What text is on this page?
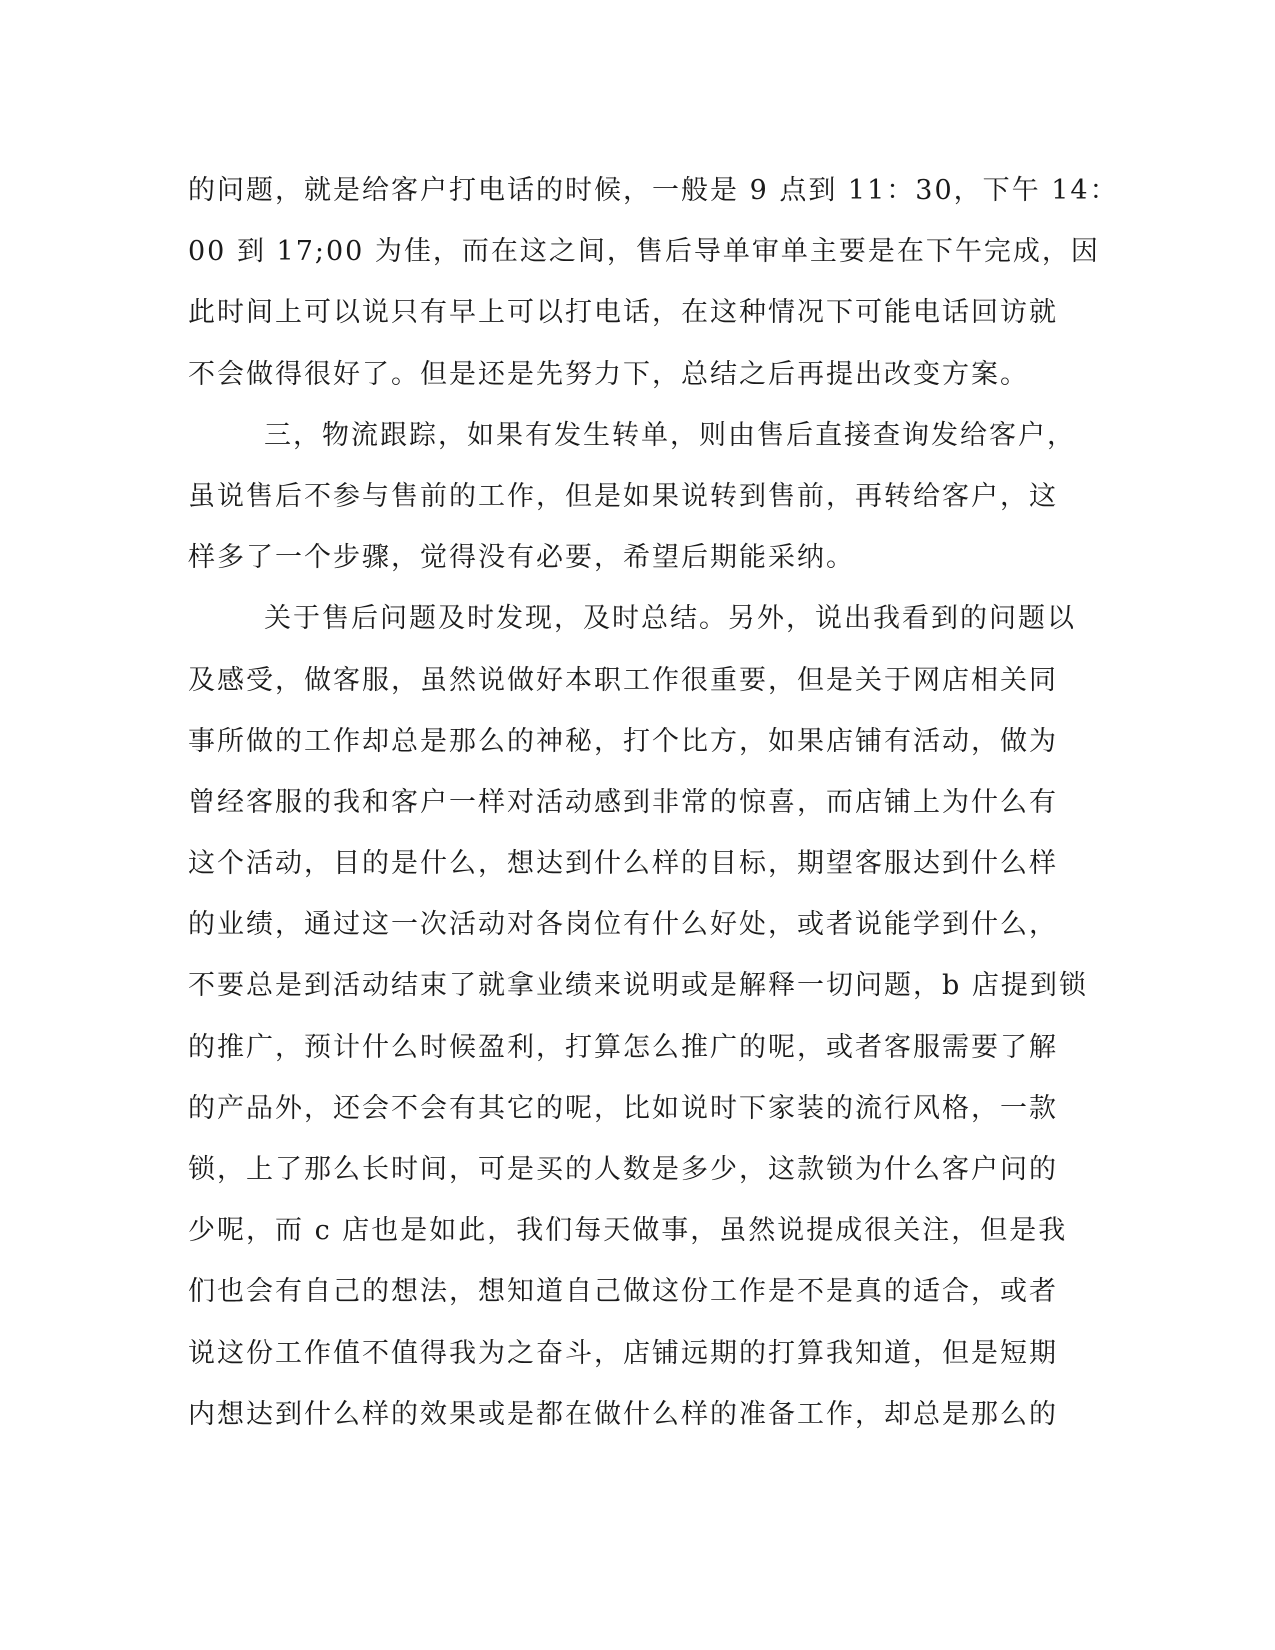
的问题，就是给客户打电话的时候，一般是 9 点到 11：30，下午 14：
00 到 17;00 为佳，而在这之间，售后导单审单主要是在下午完成，因
此时间上可以说只有早上可以打电话，在这种情况下可能电话回访就
不会做得很好了。但是还是先努力下，总结之后再提出改变方案。
三，物流跟踪，如果有发生转单，则由售后直接查询发给客户，
虽说售后不参与售前的工作，但是如果说转到售前，再转给客户，这
样多了一个步骤，觉得没有必要，希望后期能采纳。
关于售后问题及时发现，及时总结。另外，说出我看到的问题以
及感受，做客服，虽然说做好本职工作很重要，但是关于网店相关同
事所做的工作却总是那么的神秘，打个比方，如果店铺有活动，做为
曾经客服的我和客户一样对活动感到非常的惊喜，而店铺上为什么有
这个活动，目的是什么，想达到什么样的目标，期望客服达到什么样
的业绩，通过这一次活动对各岗位有什么好处，或者说能学到什么，
不要总是到活动结束了就拿业绩来说明或是解释一切问题，b 店提到锁
的推广，预计什么时候盈利，打算怎么推广的呢，或者客服需要了解
的产品外，还会不会有其它的呢，比如说时下家装的流行风格，一款
锁，上了那么长时间，可是买的人数是多少，这款锁为什么客户问的
少呢，而 c 店也是如此，我们每天做事，虽然说提成很关注，但是我
们也会有自己的想法，想知道自己做这份工作是不是真的适合，或者
说这份工作值不值得我为之奋斗，店铺远期的打算我知道，但是短期
内想达到什么样的效果或是都在做什么样的准备工作，却总是那么的
